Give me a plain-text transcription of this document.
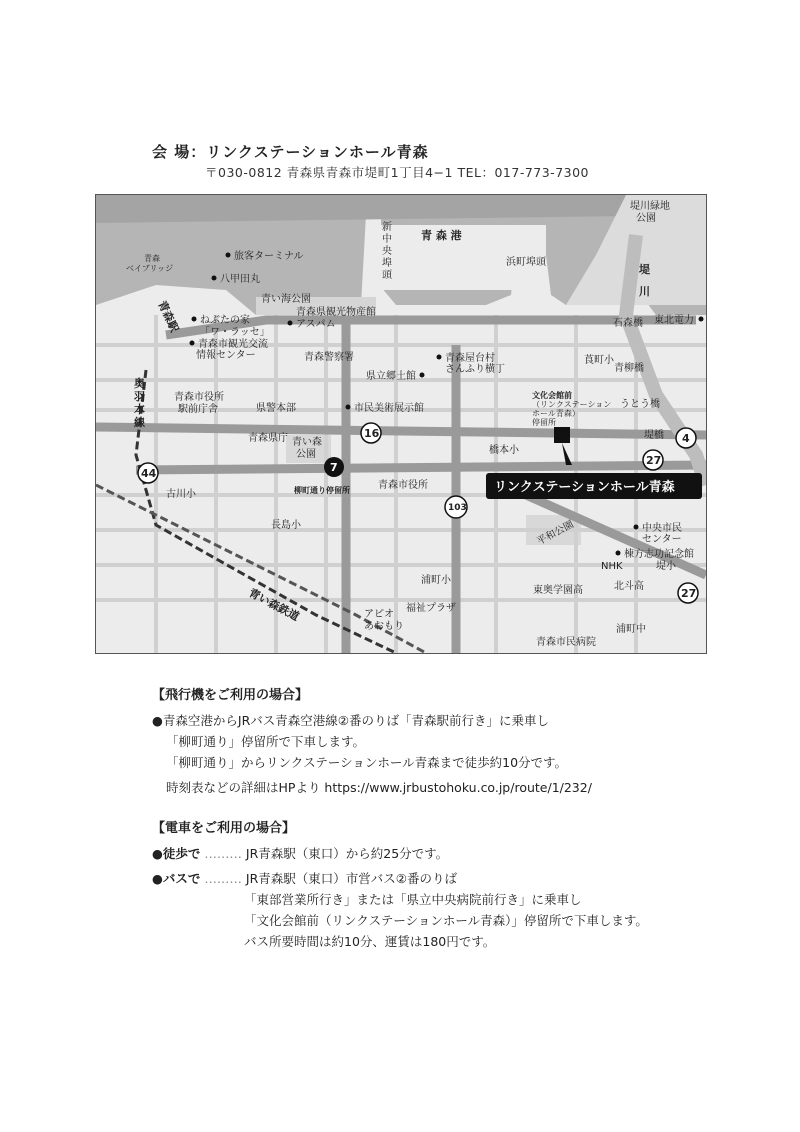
会 場：リンクステーションホール青森
〒030-0812 青森県青森市堤町1丁目4−1 TEL：017-773-7300
リンクステーションホール青森
4
7
16
27
27
44
103
青 森 港
堤川緑地
公園
新
中
央
埠
頭
浜町埠頭
青森
ベイブリッジ
旅客ターミナル
八甲田丸
青い海公園
青森県観光物産館
アスパム
ねぶたの家
「ワ・ラッセ」
青森市観光交流
情報センター
青森駅
青森警察署	青森屋台村
さんふり横丁
県立郷土館
石森橋 東北電力
莨町小
青柳橋
青森市役所
駅前庁舎
奥
羽
本
線
県警本部	市民美術展示館
文化会館前
（リンクステーション
ホール青森）
停留所
うとう橋
堤橋
青森県庁 青い森
公園	橋本小
古川小	柳町通り停留所	青森市役所
長島小	平和公園	中央市民
センター
棟方志功記念館
NHK	堤小
北斗高
浦町小
東奥学園高
福祉プラザ
アピオ
あおもり
青い森鉄道
堤
川
浦町中
青森市民病院
【飛行機をご利用の場合】
●青森空港からJRバス青森空港線②番のりば「青森駅前行き」に乗車し
「柳町通り」停留所で下車します。
「柳町通り」からリンクステーションホール青森まで徒歩約10分です。
時刻表などの詳細はHPより https://www.jrbustohoku.co.jp/route/1/232/
【電車をご利用の場合】
●徒歩で ……… JR青森駅（東口）から約25分です。
●バスで ……… JR青森駅（東口）市営バス②番のりば
「東部営業所行き」または「県立中央病院前行き」に乗車し
「文化会館前（リンクステーションホール青森）」停留所で下車します。
バス所要時間は約10分、運賃は180円です。
